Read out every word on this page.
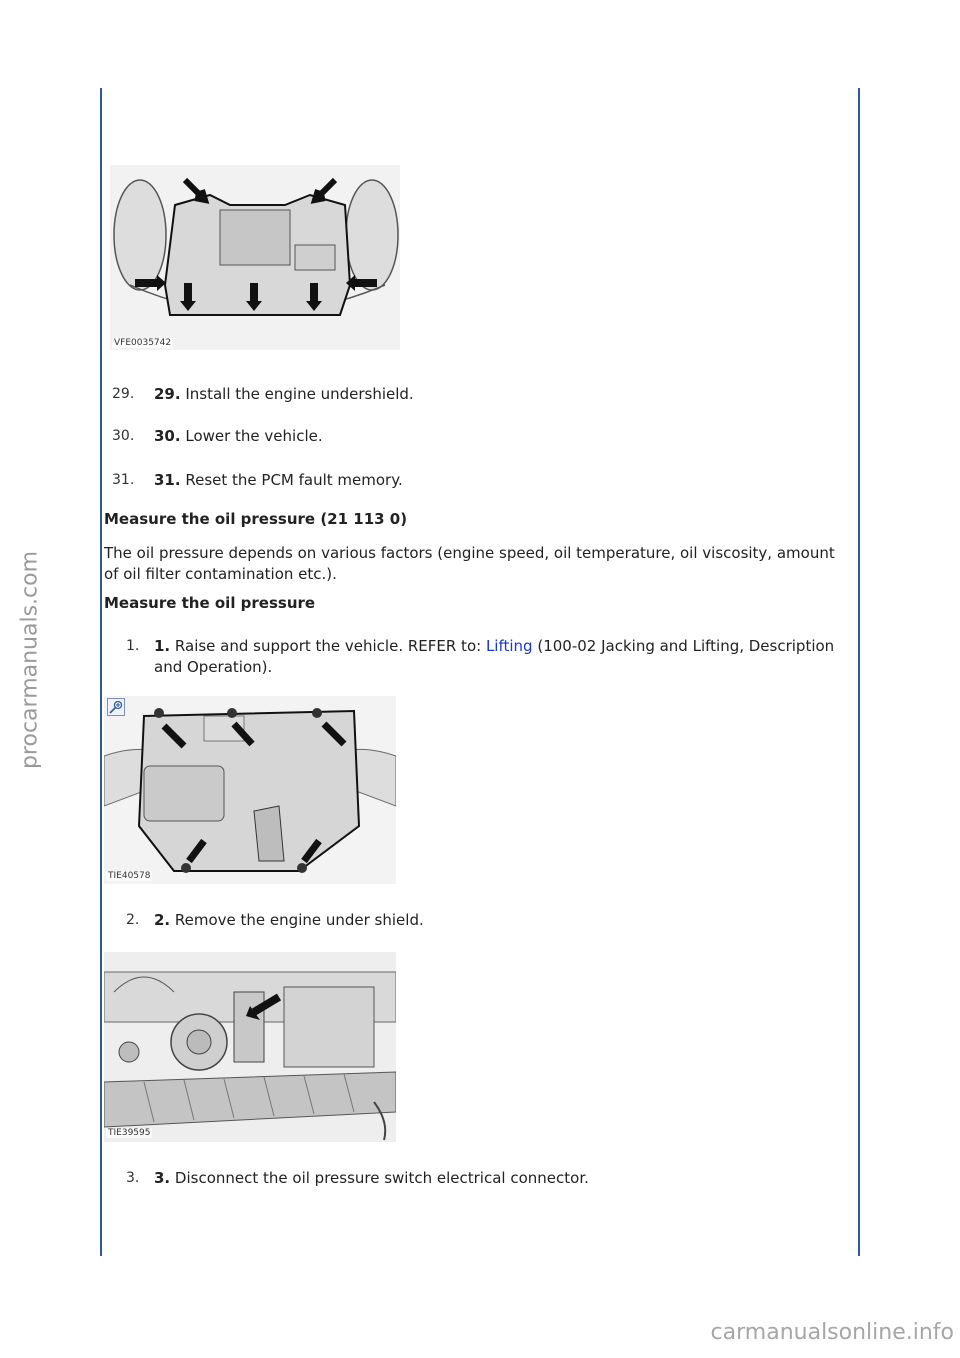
procarmanuals.com
carmanualsonline.info
VFE0035742
29.	29. Install the engine undershield.
30.	30. Lower the vehicle.
31.	31. Reset the PCM fault memory.
Measure the oil pressure (21 113 0)
The oil pressure depends on various factors (engine speed, oil temperature, oil viscosity, amount of oil filter contamination etc.).
Measure the oil pressure
1. 1. Raise and support the vehicle. REFER to: Lifting (100-02 Jacking and Lifting, Description and Operation).
TIE40578
2. 2. Remove the engine under shield.
TIE39595
3. 3. Disconnect the oil pressure switch electrical connector.
